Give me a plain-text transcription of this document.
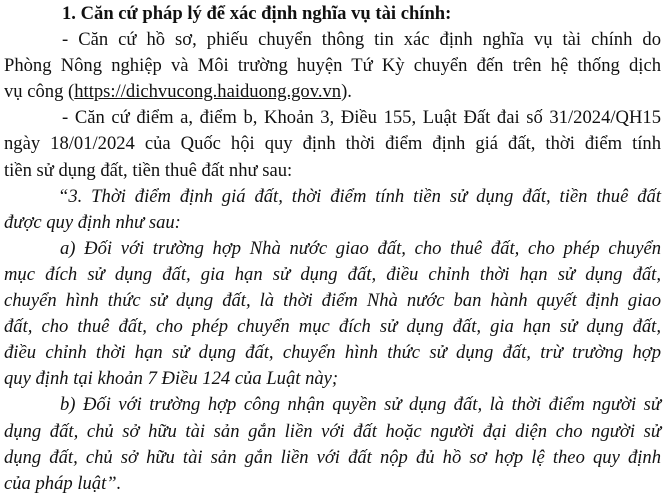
1. Căn cứ pháp lý để xác định nghĩa vụ tài chính:
- Căn cứ hồ sơ, phiếu chuyển thông tin xác định nghĩa vụ tài chính do
Phòng Nông nghiệp và Môi trường huyện Tứ Kỳ chuyển đến trên hệ thống dịch
vụ công (https://dichvucong.haiduong.gov.vn).
- Căn cứ điểm a, điểm b, Khoản 3, Điều 155, Luật Đất đai số 31/2024/QH15
ngày 18/01/2024 của Quốc hội quy định thời điểm định giá đất, thời điểm tính
tiền sử dụng đất, tiền thuê đất như sau:
“3. Thời điểm định giá đất, thời điểm tính tiền sử dụng đất, tiền thuê đất
được quy định như sau:
a) Đối với trường hợp Nhà nước giao đất, cho thuê đất, cho phép chuyển
mục đích sử dụng đất, gia hạn sử dụng đất, điều chỉnh thời hạn sử dụng đất,
chuyển hình thức sử dụng đất, là thời điểm Nhà nước ban hành quyết định giao
đất, cho thuê đất, cho phép chuyển mục đích sử dụng đất, gia hạn sử dụng đất,
điều chỉnh thời hạn sử dụng đất, chuyển hình thức sử dụng đất, trừ trường hợp
quy định tại khoản 7 Điều 124 của Luật này;
b) Đối với trường hợp công nhận quyền sử dụng đất, là thời điểm người sử
dụng đất, chủ sở hữu tài sản gắn liền với đất hoặc người đại diện cho người sử
dụng đất, chủ sở hữu tài sản gắn liền với đất nộp đủ hồ sơ hợp lệ theo quy định
của pháp luật”.
